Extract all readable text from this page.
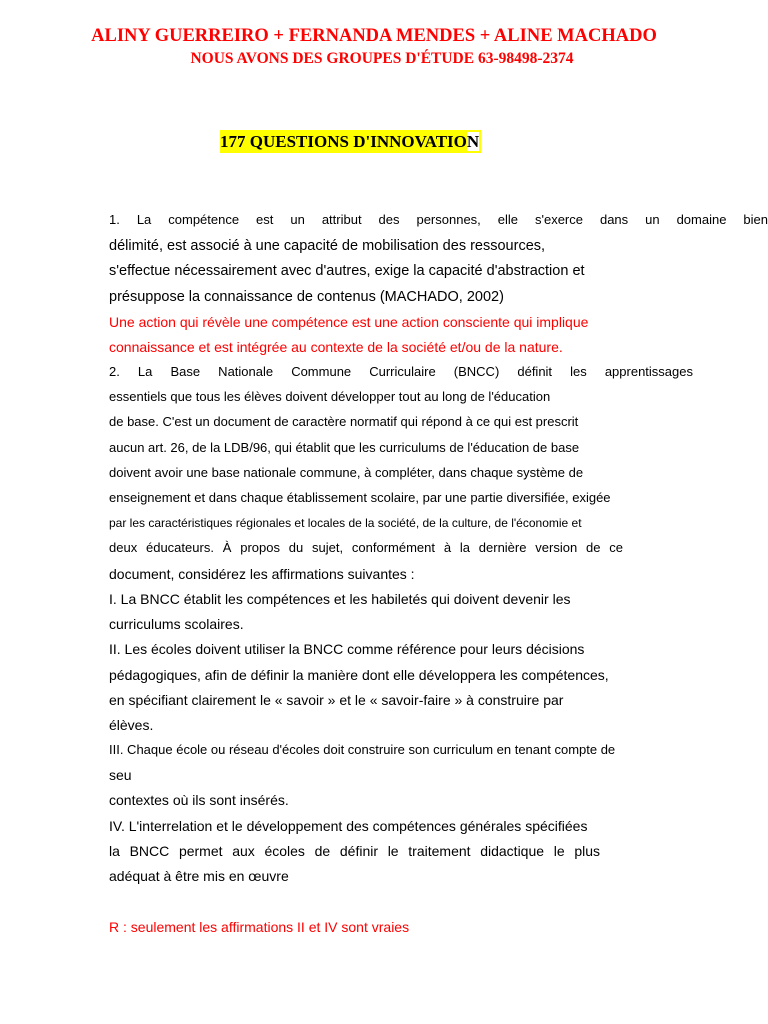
ALINY GUERREIRO + FERNANDA MENDES + ALINE MACHADO
NOUS AVONS DES GROUPES D'ÉTUDE 63-98498-2374
177 QUESTIONS D'INNOVATION
1. La compétence est un attribut des personnes, elle s'exerce dans un domaine bien
délimité, est associé à une capacité de mobilisation des ressources,
s'effectue nécessairement avec d'autres, exige la capacité d'abstraction et
présuppose la connaissance de contenus (MACHADO, 2002)
Une action qui révèle une compétence est une action consciente qui implique
connaissance et est intégrée au contexte de la société et/ou de la nature.
2. La Base Nationale Commune Curriculaire (BNCC) définit les apprentissages
essentiels que tous les élèves doivent développer tout au long de l'éducation
de base. C'est un document de caractère normatif qui répond à ce qui est prescrit
aucun art. 26, de la LDB/96, qui établit que les curriculums de l'éducation de base
doivent avoir une base nationale commune, à compléter, dans chaque système de
enseignement et dans chaque établissement scolaire, par une partie diversifiée, exigée
par les caractéristiques régionales et locales de la société, de la culture, de l'économie et
deux éducateurs. À propos du sujet, conformément à la dernière version de ce
document, considérez les affirmations suivantes :
I. La BNCC établit les compétences et les habiletés qui doivent devenir les
curriculums scolaires.
II. Les écoles doivent utiliser la BNCC comme référence pour leurs décisions
pédagogiques, afin de définir la manière dont elle développera les compétences,
en spécifiant clairement le « savoir » et le « savoir-faire » à construire par
élèves.
III. Chaque école ou réseau d'écoles doit construire son curriculum en tenant compte de
seu
contextes où ils sont insérés.
IV. L'interrelation et le développement des compétences générales spécifiées
la BNCC permet aux écoles de définir le traitement didactique le plus
adéquat à être mis en œuvre
R : seulement les affirmations II et IV sont vraies
